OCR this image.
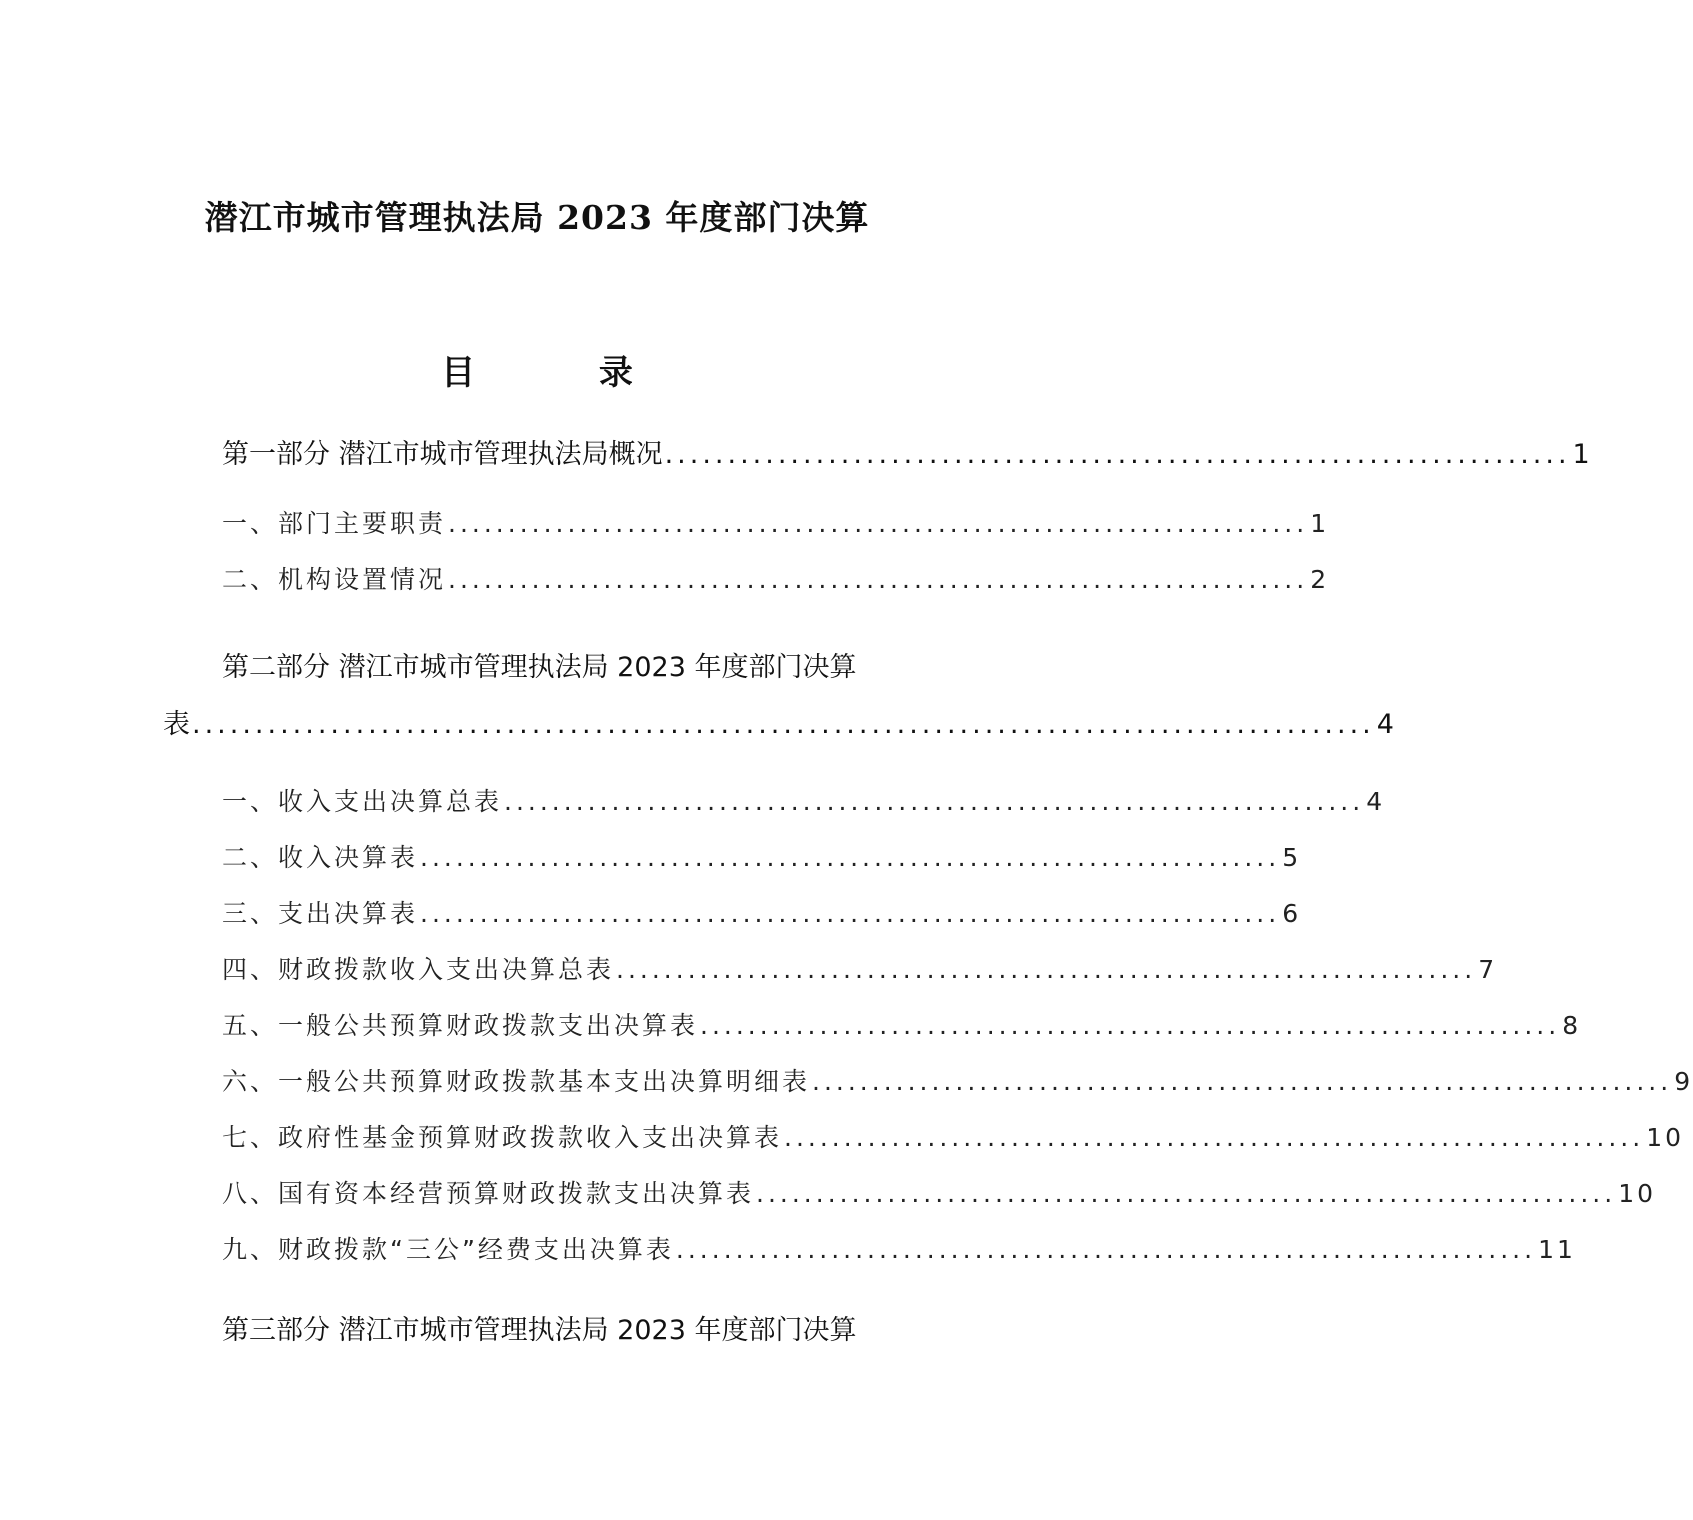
潜江市城市管理执法局 2023 年度部门决算
目 录
第一部分 潜江市城市管理执法局概况 ........................................................................ 1
一、部门主要职责 ........................................................................ 1
二、机构设置情况 ........................................................................ 2
第二部分 潜江市城市管理执法局 2023 年度部门决算
表 .............................................................................................. 4
一、收入支出决算总表 ........................................................................ 4
二、收入决算表 ........................................................................ 5
三、支出决算表 ........................................................................ 6
四、财政拨款收入支出决算总表 ........................................................................ 7
五、一般公共预算财政拨款支出决算表 ........................................................................ 8
六、一般公共预算财政拨款基本支出决算明细表 ........................................................................ 9
七、政府性基金预算财政拨款收入支出决算表 ........................................................................ 10
八、国有资本经营预算财政拨款支出决算表 ........................................................................ 10
九、财政拨款“三公”经费支出决算表 ........................................................................ 11
第三部分 潜江市城市管理执法局 2023 年度部门决算
